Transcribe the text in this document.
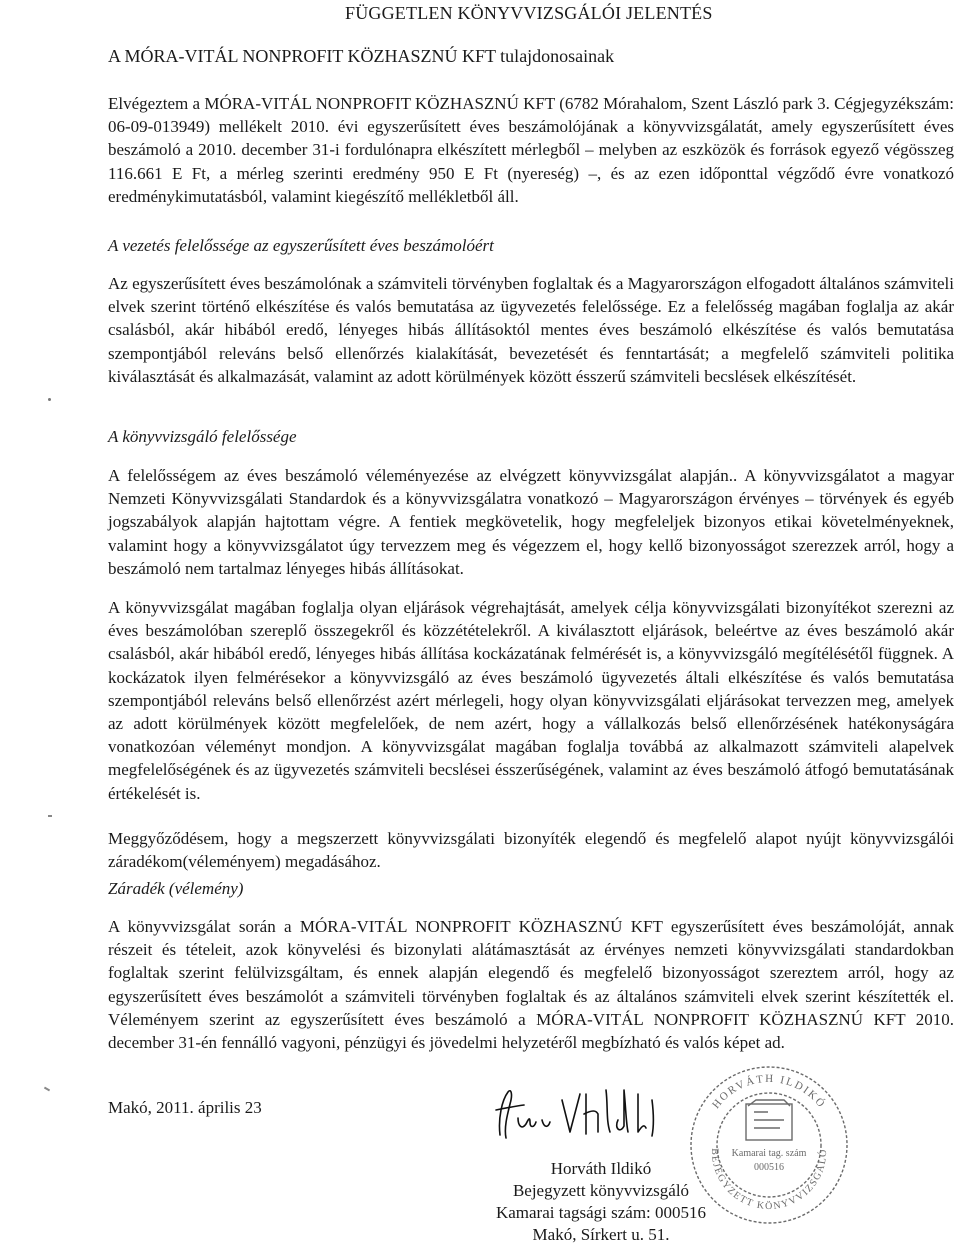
FÜGGETLEN KÖNYVVIZSGÁLÓI JELENTÉS
A MÓRA-VITÁL NONPROFIT KÖZHASZNÚ KFT tulajdonosainak

Elvégeztem a MÓRA-VITÁL NONPROFIT KÖZHASZNÚ KFT (6782 Mórahalom, Szent László park 3. Cégjegyzékszám: 06-09-013949) mellékelt 2010. évi egyszerűsített éves beszámolójának a könyvvizsgálatát, amely egyszerűsített éves beszámoló a 2010. december 31-i fordulónapra elkészített mérlegből – melyben az eszközök és források egyező végösszeg 116.661 E Ft, a mérleg szerinti eredmény 950 E Ft (nyereség) –, és az ezen időponttal végződő évre vonatkozó eredménykimutatásból, valamint kiegészítő mellékletből áll.

A vezetés felelőssége az egyszerűsített éves beszámolóért

Az egyszerűsített éves beszámolónak a számviteli törvényben foglaltak és a Magyarországon elfogadott általános számviteli elvek szerint történő elkészítése és valós bemutatása az ügyvezetés felelőssége. Ez a felelősség magában foglalja az akár csalásból, akár hibából eredő, lényeges hibás állításoktól mentes éves beszámoló elkészítése és valós bemutatása szempontjából releváns belső ellenőrzés kialakítását, bevezetését és fenntartását; a megfelelő számviteli politika kiválasztását és alkalmazását, valamint az adott körülmények között ésszerű számviteli becslések elkészítését.

A könyvvizsgáló felelőssége

A felelősségem az éves beszámoló véleményezése az elvégzett könyvvizsgálat alapján.. A könyvvizsgálatot a magyar Nemzeti Könyvvizsgálati Standardok és a könyvvizsgálatra vonatkozó – Magyarországon érvényes – törvények és egyéb jogszabályok alapján hajtottam végre. A fentiek megkövetelik, hogy megfeleljek bizonyos etikai követelményeknek, valamint hogy a könyvvizsgálatot úgy tervezzem meg és végezzem el, hogy kellő bizonyosságot szerezzek arról, hogy a beszámoló nem tartalmaz lényeges hibás állításokat.

A könyvvizsgálat magában foglalja olyan eljárások végrehajtását, amelyek célja könyvvizsgálati bizonyítékot szerezni az éves beszámolóban szereplő összegekről és közzétételekről. A kiválasztott eljárások, beleértve az éves beszámoló akár csalásból, akár hibából eredő, lényeges hibás állítása kockázatának felmérését is, a könyvvizsgáló megítélésétől függnek. A kockázatok ilyen felmérésekor a könyvvizsgáló az éves beszámoló ügyvezetés általi elkészítése és valós bemutatása szempontjából releváns belső ellenőrzést azért mérlegeli, hogy olyan könyvvizsgálati eljárásokat tervezzen meg, amelyek az adott körülmények között megfelelőek, de nem azért, hogy a vállalkozás belső ellenőrzésének hatékonyságára vonatkozóan véleményt mondjon. A könyvvizsgálat magában foglalja továbbá az alkalmazott számviteli alapelvek megfelelőségének és az ügyvezetés számviteli becslései ésszerűségének, valamint az éves beszámoló átfogó bemutatásának értékelését is.

Meggyőződésem, hogy a megszerzett könyvvizsgálati bizonyíték elegendő és megfelelő alapot nyújt könyvvizsgálói záradékom(véleményem) megadásához.

Záradék (vélemény)

A könyvvizsgálat során a MÓRA-VITÁL NONPROFIT KÖZHASZNÚ KFT egyszerűsített éves beszámolóját, annak részeit és tételeit, azok könyvelési és bizonylati alátámasztását az érvényes nemzeti könyvvizsgálati standardokban foglaltak szerint felülvizsgáltam, és ennek alapján elegendő és megfelelő bizonyosságot szereztem arról, hogy az egyszerűsített éves beszámolót a számviteli törvényben foglaltak és az általános számviteli elvek szerint készítették el. Véleményem szerint az egyszerűsített éves beszámoló a MÓRA-VITÁL NONPROFIT KÖZHASZNÚ KFT 2010. december 31-én fennálló vagyoni, pénzügyi és jövedelmi helyzetéről megbízható és valós képet ad.

Makó, 2011. április 23
Horváth Ildikó
Bejegyzett könyvvizsgáló
Kamarai tagsági szám: 000516
Makó, Sírkert u. 51.
HORVÁTH ILDIKÓ
BEJEGYZETT KÖNYVVIZSGÁLÓ
Kamarai tag. szám
000516
